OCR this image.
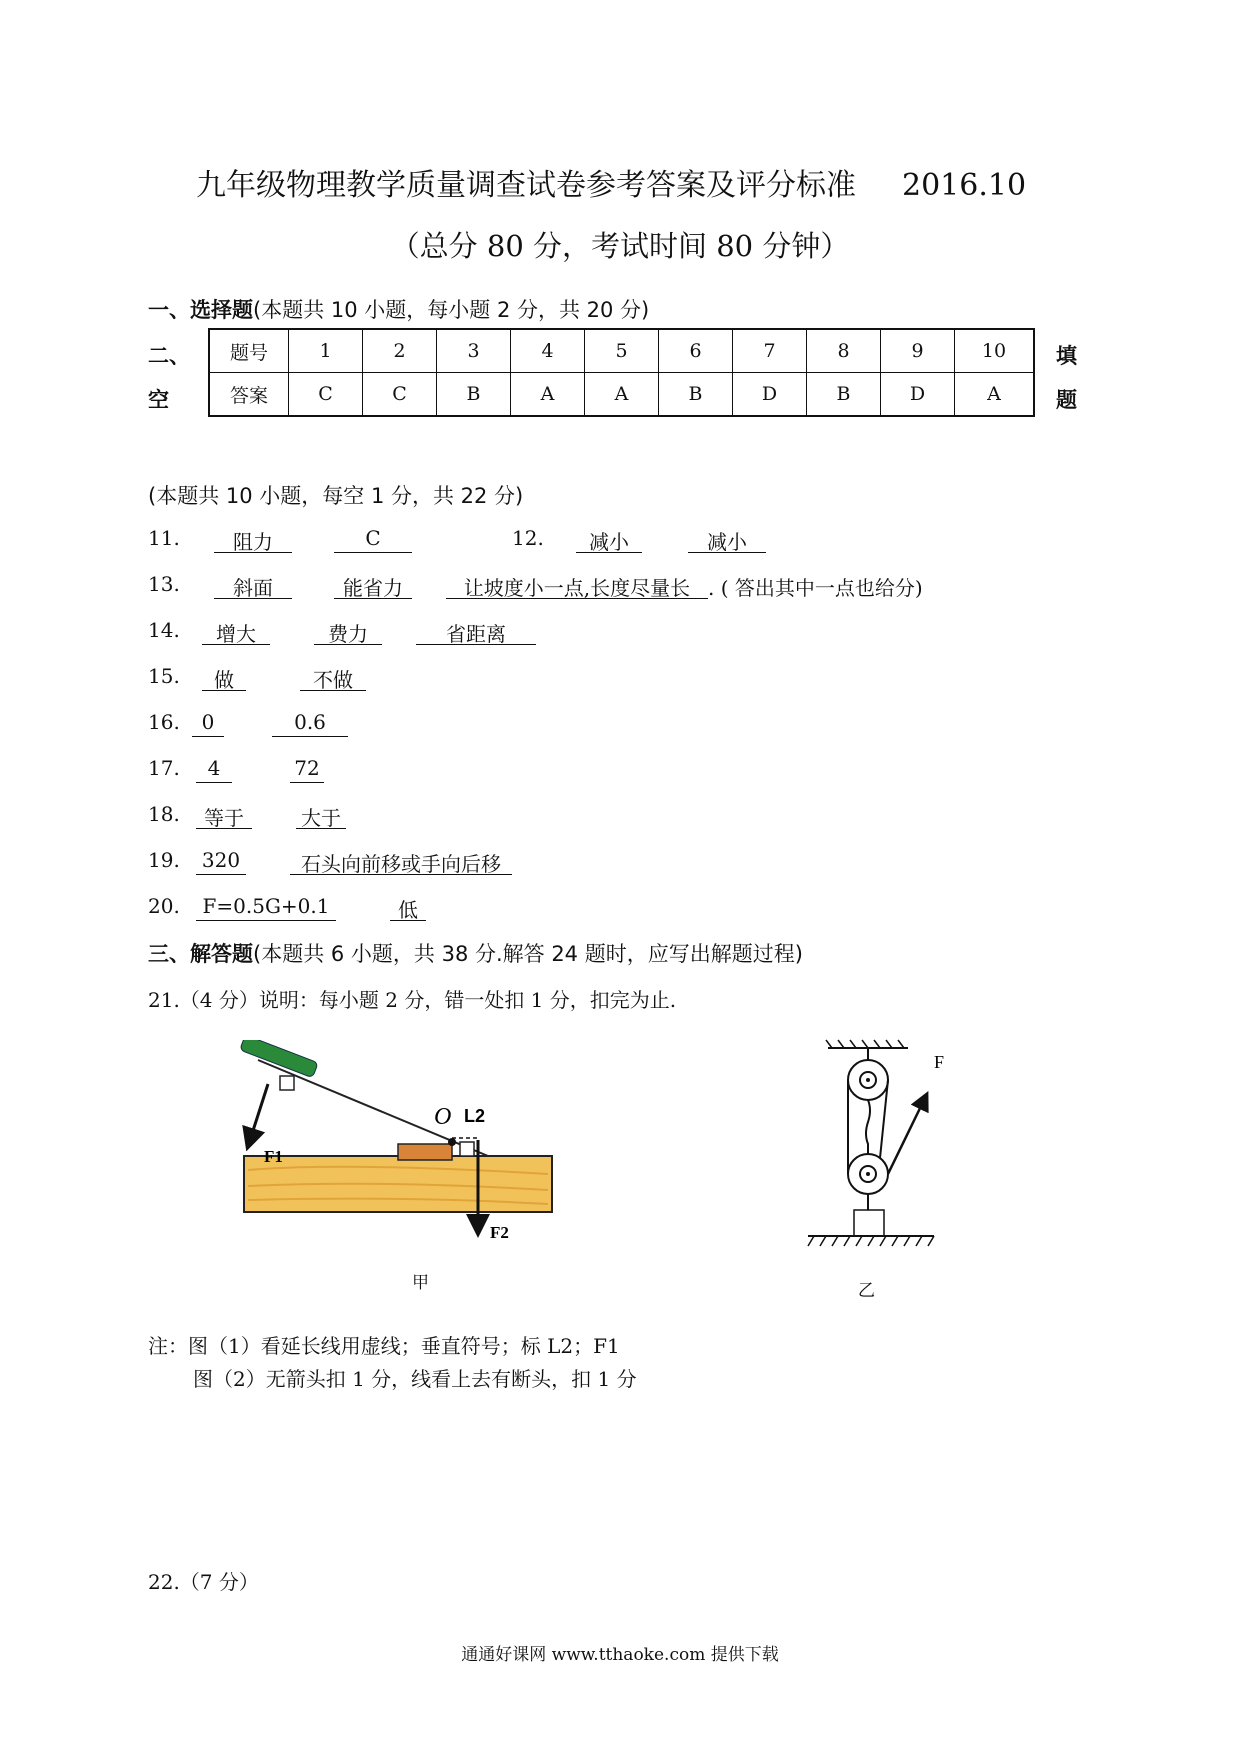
九年级物理教学质量调查试卷参考答案及评分标准 2016.10
（总分 80 分，考试时间 80 分钟）
一、选择题(本题共 10 小题，每小题 2 分，共 20 分)
二、
空
填
题
题号	1	2	3	4	5	6	7	8	9	10
答案	C	C	B	A	A	B	D	B	D	A
(本题共 10 小题，每空 1 分，共 22 分)
11.	阻力	C	12.	减小	减小
13.	斜面	能省力	让坡度小一点,长度尽量长 . ( 答出其中一点也给分)
14.	增大	费力	省距离
15.	做	不做
16.	0	0.6
17.	4	72
18.	等于	大于
19. 320	石头向前移或手向后移
20.	F=0.5G+0.1	低
三、解答题(本题共 6 小题，共 38 分.解答 24 题时，应写出解题过程)
21.（4 分）说明：每小题 2 分，错一处扣 1 分，扣完为止.
F1
O L2
F2
甲
F
乙
注：图（1）看延长线用虚线；垂直符号；标 L2；F1
图（2）无箭头扣 1 分，线看上去有断头，扣 1 分
22.（7 分）
通通好课网 www.tthaoke.com 提供下载
